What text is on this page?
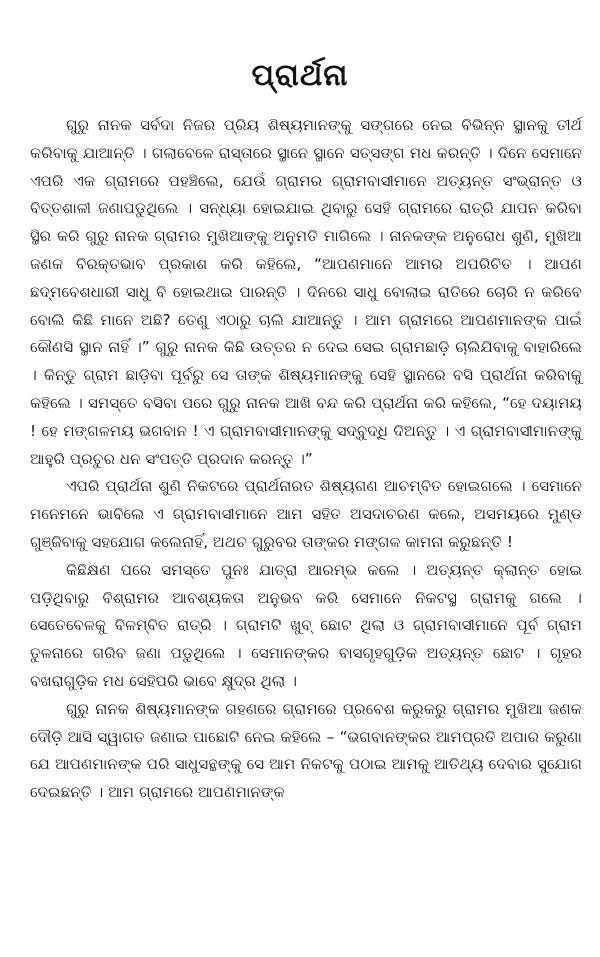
ପ୍ରାର୍ଥନା

ଗୁରୁ ନାନକ ସର୍ବଦା ନିଜର ପ୍ରିୟ ଶିଷ୍ୟମାନଙ୍କୁ ସଙ୍ଗରେ ନେଇ ବିଭିନ୍ନ ସ୍ଥାନକୁ ତୀର୍ଥ କରିବାକୁ ଯାଆନ୍ତି । ଗଲାବେଳେ ରାସ୍ତାରେ ସ୍ଥାନେ ସ୍ଥାନେ ସତ୍ସଙ୍ଗ ମଧ କରନ୍ତି । ଦିନେ ସେମାନେ ଏପରି ଏକ ଗ୍ରାମରେ ପହଞ୍ଚିଲେ, ଯେଉଁ ଗ୍ରାମର ଗ୍ରାମବାସୀମାନେ ଅତ୍ୟନ୍ତ ସଂଭ୍ରାନ୍ତ ଓ ବିତ୍ତଶାଳୀ ଜଣାପଡୁଥିଲେ । ସନ୍ଧ୍ୟା ହୋଇଯାଇ ଥିବାରୁ ସେହି ଗ୍ରାମରେ ରାତ୍ରି ଯାପନ କରିବା ସ୍ଥିର କରି ଗୁରୁ ନାନକ ଗ୍ରାମର ମୁଖିଆଙ୍କୁ ଅନୁମତି ମାଗିଲେ । ନାନକଙ୍କ ଅନୁରୋଧ ଶୁଣି, ମୁଖିଆ ଜଣକ ବିରକ୍ତଭାବ ପ୍ରକାଶ କରି କହିଲେ, “ଆପଣମାନେ ଆମର ଅପରିଚିତ । ଆପଣ ଛଦ୍ମବେଶଧାରୀ ସାଧୁ ବି ହୋଇଥାଇ ପାରନ୍ତି । ଦିନରେ ସାଧୁ ବୋଲାଇ ରାତିରେ ଚୋରି ନ କରିବେ ବୋଲି କିଛି ମାନେ ଅଛି? ତେଣୁ ଏଠାରୁ ଚାଲି ଯାଆନ୍ତୁ । ଆମ ଗ୍ରାମରେ ଆପଣମାନଙ୍କ ପାଇଁ କୌଣସି ସ୍ଥାନ ନାହିଁ ।” ଗୁରୁ ନାନକ କିଛି ଉତ୍ତର ନ ଦେଇ ସେଇ ଗ୍ରାମଛାଡ଼ି ଚାଲିଯିବାକୁ ବାହାରିଲେ । କିନ୍ତୁ ଗ୍ରାମ ଛାଡ଼ିବା ପୂର୍ବରୁ ସେ ତାଙ୍କ ଶିଷ୍ୟମାନଙ୍କୁ ସେହି ସ୍ଥାନରେ ବସି ପ୍ରାର୍ଥନା କରିବାକୁ କହିଲେ । ସମସ୍ତେ ବସିବା ପରେ ଗୁରୁ ନାନକ ଆଖି ବନ୍ଦ କରି ପ୍ରାର୍ଥନା କରି କହିଲେ, “ହେ ଦୟାମୟ ! ହେ ମଙ୍ଗଳମୟ ଭଗବାନ ! ଏ ଗ୍ରାମବାସୀମାନଙ୍କୁ ସଦ୍‌ବୁଦ୍ଧି ଦିଅନ୍ତୁ । ଏ ଗ୍ରାମବାସୀମାନଙ୍କୁ ଆହୁରି ପ୍ରଚୁର ଧନ ସଂପତ୍ତି ପ୍ରଦାନ କରନ୍ତୁ ।”

ଏପରି ପ୍ରାର୍ଥନା ଶୁଣି ନିକଟରେ ପ୍ରାର୍ଥନାରତ ଶିଷ୍ୟଗଣ ଆଚମ୍ବିତ ହୋଇଗଲେ । ସେମାନେ ମନେମନେ ଭାବିଲେ ଏ ଗ୍ରାମବାସୀମାନେ ଆମ ସହିତ ଅସଦାଚରଣ କଲେ, ଅସମୟରେ ମୁଣ୍ଡ ଗୁଞ୍ଜିବାକୁ ସହଯୋଗ କଲେନାହିଁ, ଅଥଚ ଗୁରୁବର ତାଙ୍କର ମଙ୍ଗଳ କାମନା କରୁଛନ୍ତି !

କିଛିକ୍ଷଣ ପରେ ସମସ୍ତେ ପୁନଃ ଯାତ୍ରା ଆରମ୍ଭ କଲେ । ଅତ୍ୟନ୍ତ କ୍ଲାନ୍ତ ହୋଇ ପଡ଼ିଥିବାରୁ ବିଶ୍ରାମର ଆବଶ୍ୟକତା ଅନୁଭବ କରି ସେମାନେ ନିକଟସ୍ଥ ଗ୍ରାମକୁ ଗଲେ । ସେତେବେଳକୁ ବିଳମ୍ବିତ ରାତ୍ରି । ଗ୍ରାମଟି ଖୁବ୍ ଛୋଟ ଥିଲା ଓ ଗ୍ରାମବାସୀମାନେ ପୂର୍ବ ଗ୍ରାମ ତୁଳନାରେ ଗରିବ ଜଣା ପଡୁଥିଲେ । ସେମାନଙ୍କର ବାସଗୃହଗୁଡ଼ିକ ଅତ୍ୟନ୍ତ ଛୋଟ । ଗୃହର ବଖରାଗୁଡ଼ିକ ମଧ ସେହିପରି ଭାବେ କ୍ଷୁଦ୍ର ଥିଲା ।

ଗୁରୁ ନାନକ ଶିଷ୍ୟମାନଙ୍କ ଗହଣରେ ଗ୍ରାମରେ ପ୍ରବେଶ କରୁକରୁ ଗ୍ରାମର ମୁଖିଆ ଜଣକ ଦୌଡ଼ି ଆସି ସ୍ୱାଗତ ଜଣାଇ ପାଛୋଟି ନେଇ କହିଲେ – “ଭଗବାନଙ୍କର ଆମପ୍ରତି ଅପାର କରୁଣା ଯେ ଆପଣମାନଙ୍କ ପରି ସାଧୁସନ୍ଥଙ୍କୁ ସେ ଆମ ନିକଟକୁ ପଠାଇ ଆମକୁ ଆତିଥ୍ୟ ଦେବାର ସୁଯୋଗ ଦେଇଛନ୍ତି । ଆମ ଗ୍ରାମରେ ଆପଣମାନଙ୍କ
